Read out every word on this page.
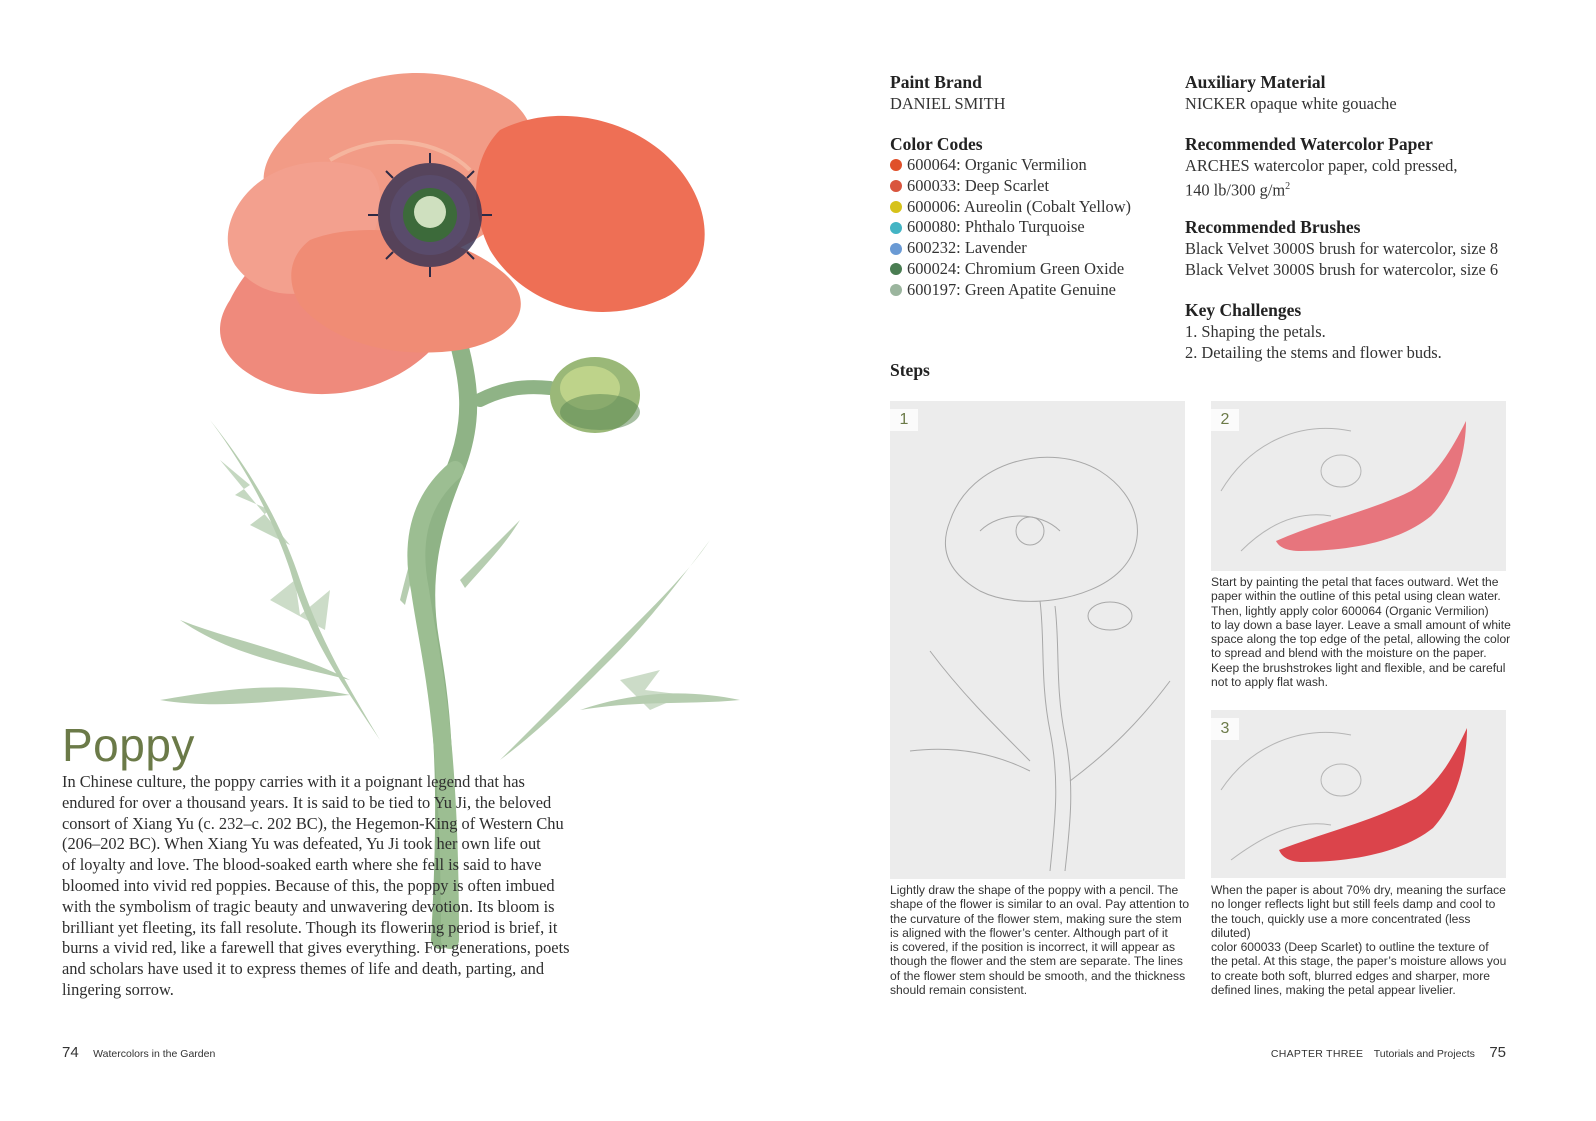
Poppy
In Chinese culture, the poppy carries with it a poignant legend that has
endured for over a thousand years. It is said to be tied to Yu Ji, the beloved
consort of Xiang Yu (c. 232–c. 202 BC), the Hegemon-King of Western Chu
(206–202 BC). When Xiang Yu was defeated, Yu Ji took her own life out
of loyalty and love. The blood-soaked earth where she fell is said to have
bloomed into vivid red poppies. Because of this, the poppy is often imbued
with the symbolism of tragic beauty and unwavering devotion. Its bloom is
brilliant yet fleeting, its fall resolute. Though its flowering period is brief, it
burns a vivid red, like a farewell that gives everything. For generations, poets
and scholars have used it to express themes of life and death, parting, and
lingering sorrow.
74 Watercolors in the Garden
Paint Brand
DANIEL SMITH
Color Codes
600064: Organic Vermilion
600033: Deep Scarlet
600006: Aureolin (Cobalt Yellow)
600080: Phthalo Turquoise
600232: Lavender
600024: Chromium Green Oxide
600197: Green Apatite Genuine
Auxiliary Material
NICKER opaque white gouache
Recommended Watercolor Paper
ARCHES watercolor paper, cold pressed,
140 lb/300 $g/m^2$
Recommended Brushes
Black Velvet 3000S brush for watercolor, size 8
Black Velvet 3000S brush for watercolor, size 6
Key Challenges
1. Shaping the petals.
2. Detailing the stems and flower buds.
Steps
1
Lightly draw the shape of the poppy with a pencil. The
shape of the flower is similar to an oval. Pay attention to
the curvature of the flower stem, making sure the stem
is aligned with the flower’s center. Although part of it
is covered, if the position is incorrect, it will appear as
though the flower and the stem are separate. The lines
of the flower stem should be smooth, and the thickness
should remain consistent.
2
Start by painting the petal that faces outward. Wet the
paper within the outline of this petal using clean water.
Then, lightly apply color 600064 (Organic Vermilion)
to lay down a base layer. Leave a small amount of white
space along the top edge of the petal, allowing the color
to spread and blend with the moisture on the paper.
Keep the brushstrokes light and flexible, and be careful
not to apply flat wash.
3
When the paper is about 70% dry, meaning the surface
no longer reflects light but still feels damp and cool to
the touch, quickly use a more concentrated (less diluted)
color 600033 (Deep Scarlet) to outline the texture of
the petal. At this stage, the paper’s moisture allows you
to create both soft, blurred edges and sharper, more
defined lines, making the petal appear livelier.
CHAPTER THREE Tutorials and Projects 75
